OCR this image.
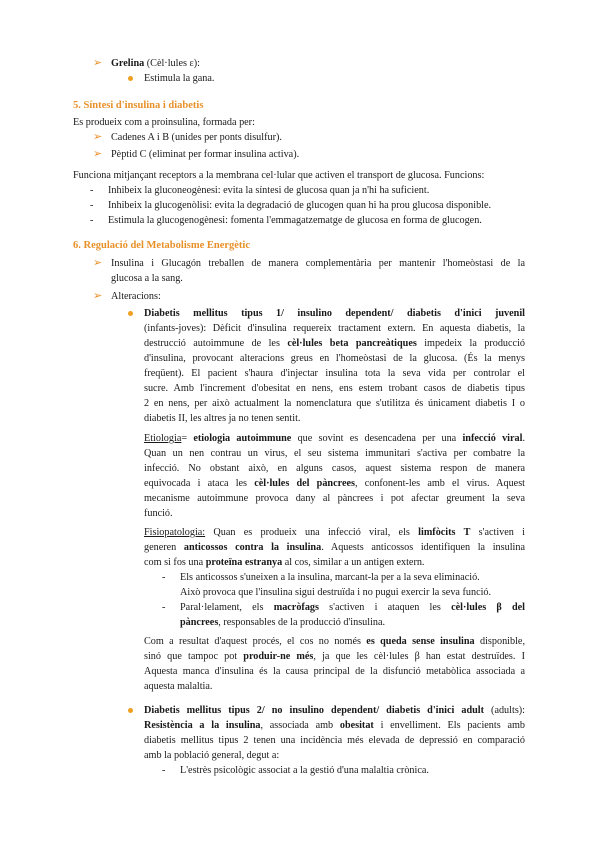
➢ Grelina (Cèl·lules ε):
Estimula la gana.
5. Síntesi d'insulina i diabetis
Es produeix com a proinsulina, formada per:
➢ Cadenes A i B (unides per ponts disulfur).
➢ Pèptid C (eliminat per formar insulina activa).
Funciona mitjançant receptors a la membrana cel·lular que activen el transport de glucosa. Funcions:
- Inhibeix la gluconeogènesi: evita la síntesi de glucosa quan ja n'hi ha suficient.
- Inhibeix la glucogenòlisi: evita la degradació de glucogen quan hi ha prou glucosa disponible.
- Estimula la glucogenogènesi: fomenta l'emmagatzematge de glucosa en forma de glucogen.
6. Regulació del Metabolisme Energètic
➢ Insulina i Glucagón treballen de manera complementària per mantenir l'homeòstasi de la
glucosa a la sang.
➢ Alteracions:
Diabetis mellitus tipus 1/ insulino dependent/ diabetis d'inici juvenil
(infants-joves): Dèficit d'insulina requereix tractament extern. En aquesta diabetis, la
destrucció autoimmune de les cèl·lules beta pancreàtiques impedeix la producció
d'insulina, provocant alteracions greus en l'homeòstasi de la glucosa. (És la menys
freqüent). El pacient s'haura d'injectar insulina tota la seva vida per controlar el
sucre. Amb l'increment d'obesitat en nens, ens estem trobant casos de diabetis tipus
2 en nens, per això actualment la nomenclatura que s'utilitza és únicament diabetis I o
diabetis II, les altres ja no tenen sentit.
Etiologia= etiologia autoimmune que sovint es desencadena per una infecció viral.
Quan un nen contrau un virus, el seu sistema immunitari s'activa per combatre la
infecció. No obstant això, en alguns casos, aquest sistema respon de manera
equivocada i ataca les cèl·lules del pàncrees, confonent-les amb el virus. Aquest
mecanisme autoimmune provoca dany al pàncrees i pot afectar greument la seva
funció.
Fisiopatologia: Quan es produeix una infecció viral, els limfòcits T s'activen i
generen anticossos contra la insulina. Aquests anticossos identifiquen la insulina
com si fos una proteïna estranya al cos, similar a un antigen extern.
- Els anticossos s'uneixen a la insulina, marcant-la per a la seva eliminació.
Això provoca que l'insulina sigui destruïda i no pugui exercir la seva funció.
- Paral·lelament, els macròfags s'activen i ataquen les cèl·lules β del
pàncrees, responsables de la producció d'insulina.
Com a resultat d'aquest procés, el cos no només es queda sense insulina disponible,
sinó que tampoc pot produir-ne més, ja que les cèl·lules β han estat destruïdes. I
Aquesta manca d'insulina és la causa principal de la disfunció metabòlica associada a
aquesta malaltia.
Diabetis mellitus tipus 2/ no insulino dependent/ diabetis d'inici adult (adults):
Resistència a la insulina, associada amb obesitat i envelliment. Els pacients amb
diabetis mellitus tipus 2 tenen una incidència més elevada de depressió en comparació
amb la població general, degut a:
- L'estrès psicològic associat a la gestió d'una malaltia crònica.
